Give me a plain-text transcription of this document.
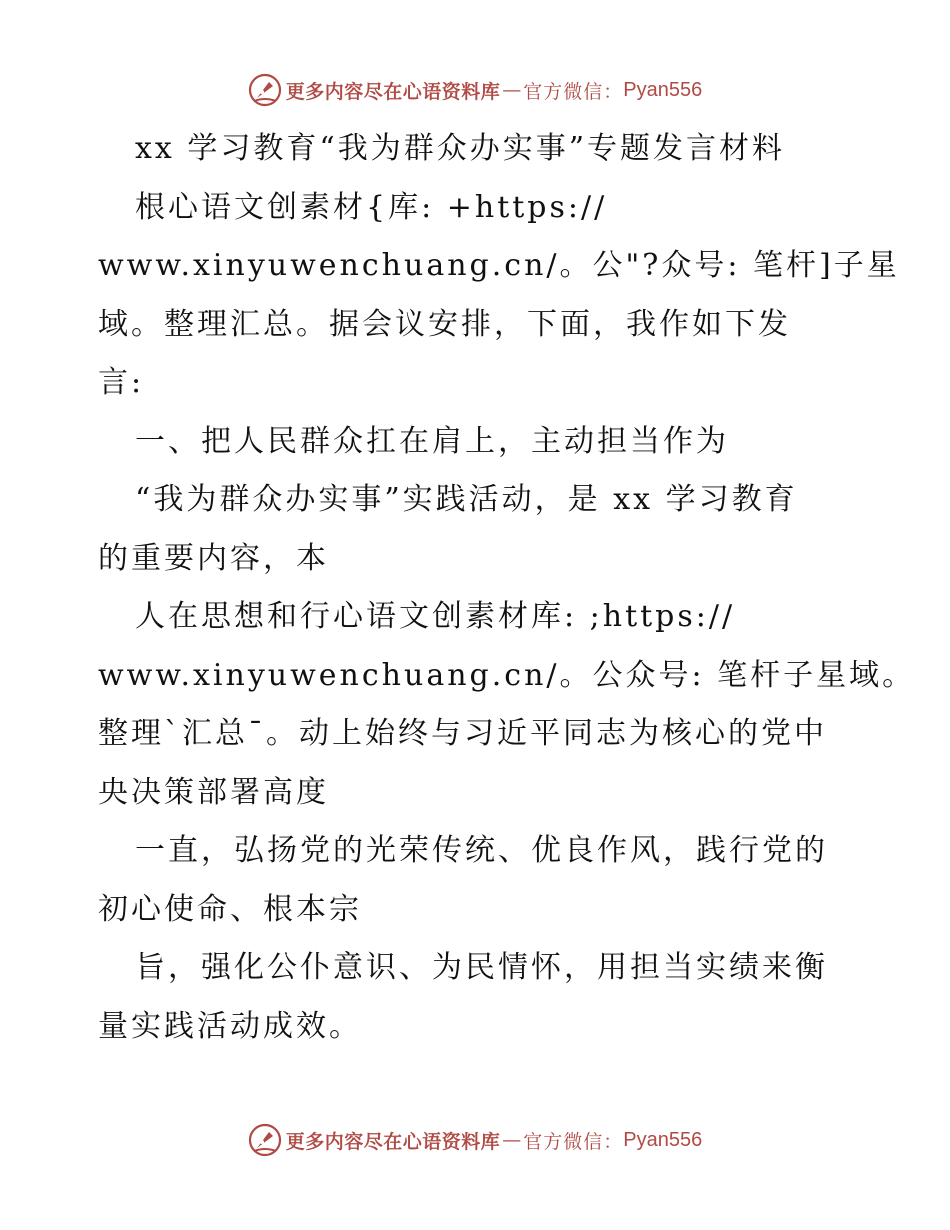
更多内容尽在心语资料库 — 官方微信： Pyan556
xx 学习教育“我为群众办实事”专题发言材料
根心语文创素材{库: +https://
www.xinyuwenchuang.cn/。公"?众号: 笔杆]子星
域。整理汇总。据会议安排，下面，我作如下发
言:
一、把人民群众扛在肩上，主动担当作为
“我为群众办实事”实践活动，是 xx 学习教育
的重要内容，本
人在思想和行心语文创素材库: ;https://
www.xinyuwenchuang.cn/。公众号: 笔杆子星域。
整理`汇总¯。动上始终与习近平同志为核心的党中
央决策部署高度
一直，弘扬党的光荣传统、优良作风，践行党的
初心使命、根本宗
旨，强化公仆意识、为民情怀，用担当实绩来衡
量实践活动成效。
更多内容尽在心语资料库 — 官方微信： Pyan556
